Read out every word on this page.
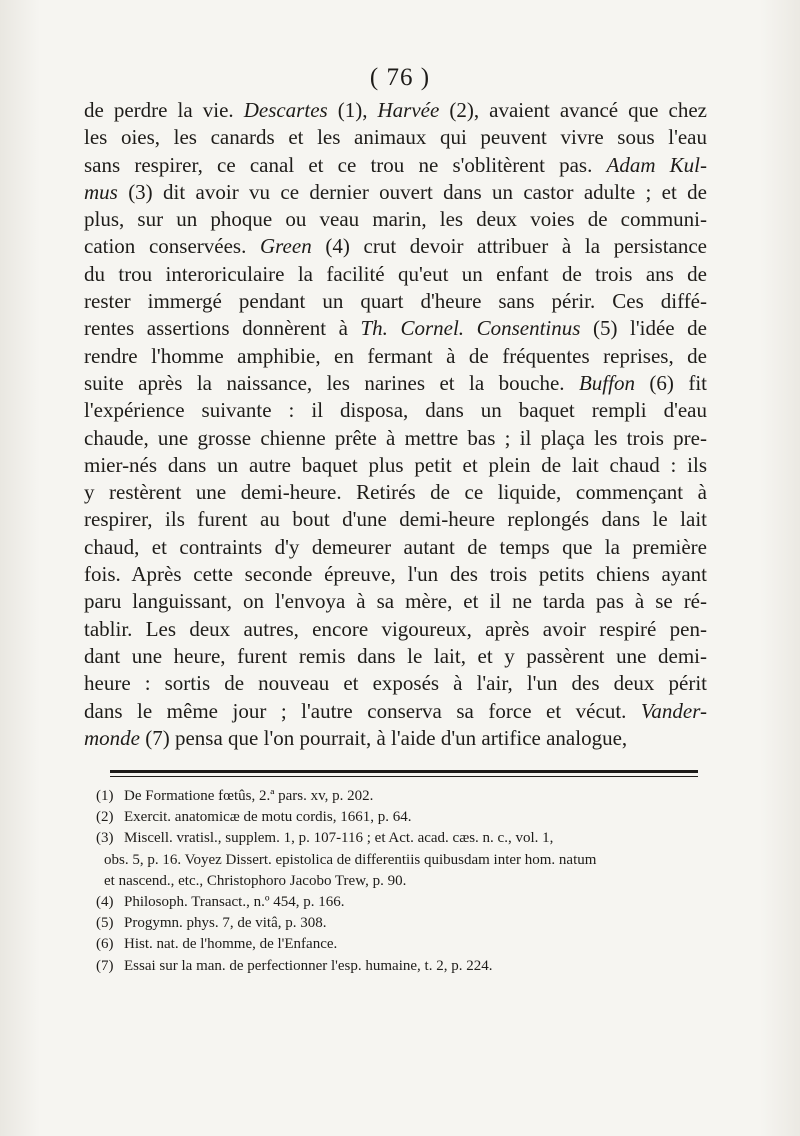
( 76 )
de perdre la vie. Descartes (1), Harvée (2), avaient avancé que chez
les oies, les canards et les animaux qui peuvent vivre sous l'eau
sans respirer, ce canal et ce trou ne s'oblitèrent pas. Adam Kul-
mus (3) dit avoir vu ce dernier ouvert dans un castor adulte ; et de
plus, sur un phoque ou veau marin, les deux voies de communi-
cation conservées. Green (4) crut devoir attribuer à la persistance
du trou interoriculaire la facilité qu'eut un enfant de trois ans de
rester immergé pendant un quart d'heure sans périr. Ces diffé-
rentes assertions donnèrent à Th. Cornel. Consentinus (5) l'idée de
rendre l'homme amphibie, en fermant à de fréquentes reprises, de
suite après la naissance, les narines et la bouche. Buffon (6) fit
l'expérience suivante : il disposa, dans un baquet rempli d'eau
chaude, une grosse chienne prête à mettre bas ; il plaça les trois pre-
mier-nés dans un autre baquet plus petit et plein de lait chaud : ils
y restèrent une demi-heure. Retirés de ce liquide, commençant à
respirer, ils furent au bout d'une demi-heure replongés dans le lait
chaud, et contraints d'y demeurer autant de temps que la première
fois. Après cette seconde épreuve, l'un des trois petits chiens ayant
paru languissant, on l'envoya à sa mère, et il ne tarda pas à se ré-
tablir. Les deux autres, encore vigoureux, après avoir respiré pen-
dant une heure, furent remis dans le lait, et y passèrent une demi-
heure : sortis de nouveau et exposés à l'air, l'un des deux périt
dans le même jour ; l'autre conserva sa force et vécut. Vander-
monde (7) pensa que l'on pourrait, à l'aide d'un artifice analogue,
(1) De Formatione fœtûs, 2.ª pars. xv, p. 202.
(2) Exercit. anatomicæ de motu cordis, 1661, p. 64.
(3) Miscell. vratisl., supplem. 1, p. 107-116 ; et Act. acad. cæs. n. c., vol. 1,
obs. 5, p. 16. Voyez Dissert. epistolica de differentiis quibusdam inter hom. natum
et nascend., etc., Christophoro Jacobo Trew, p. 90.
(4) Philosoph. Transact., n.º 454, p. 166.
(5) Progymn. phys. 7, de vitâ, p. 308.
(6) Hist. nat. de l'homme, de l'Enfance.
(7) Essai sur la man. de perfectionner l'esp. humaine, t. 2, p. 224.
